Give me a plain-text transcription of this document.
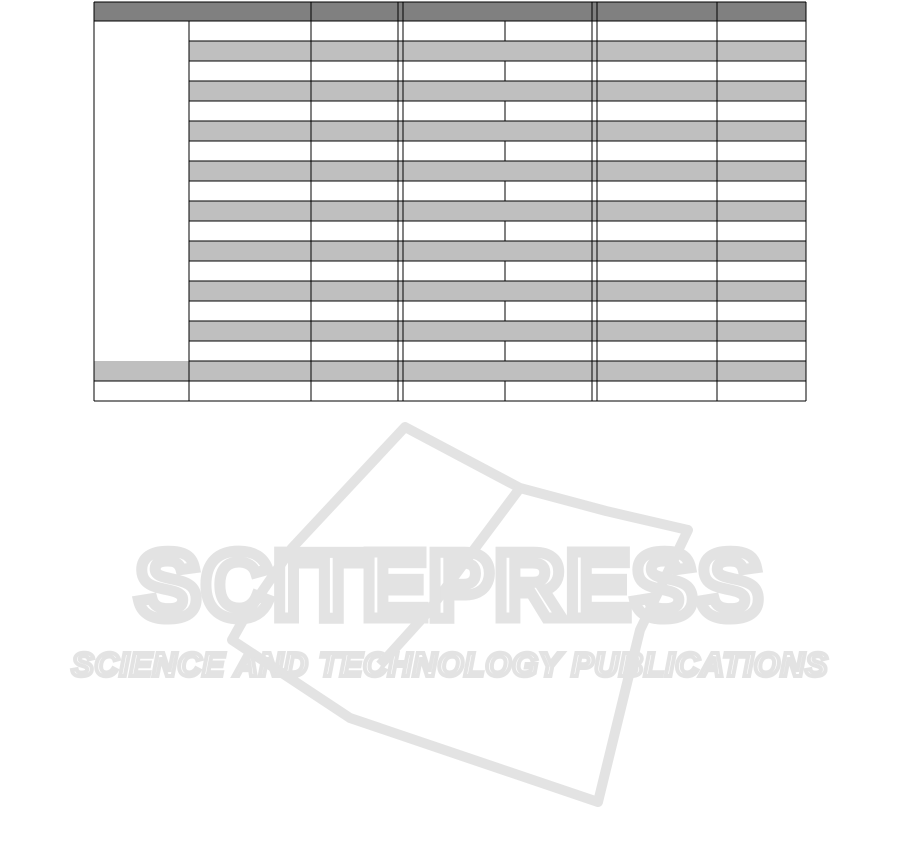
SCITEPRESS
SCIENCE AND TECHNOLOGY PUBLICATIONS
